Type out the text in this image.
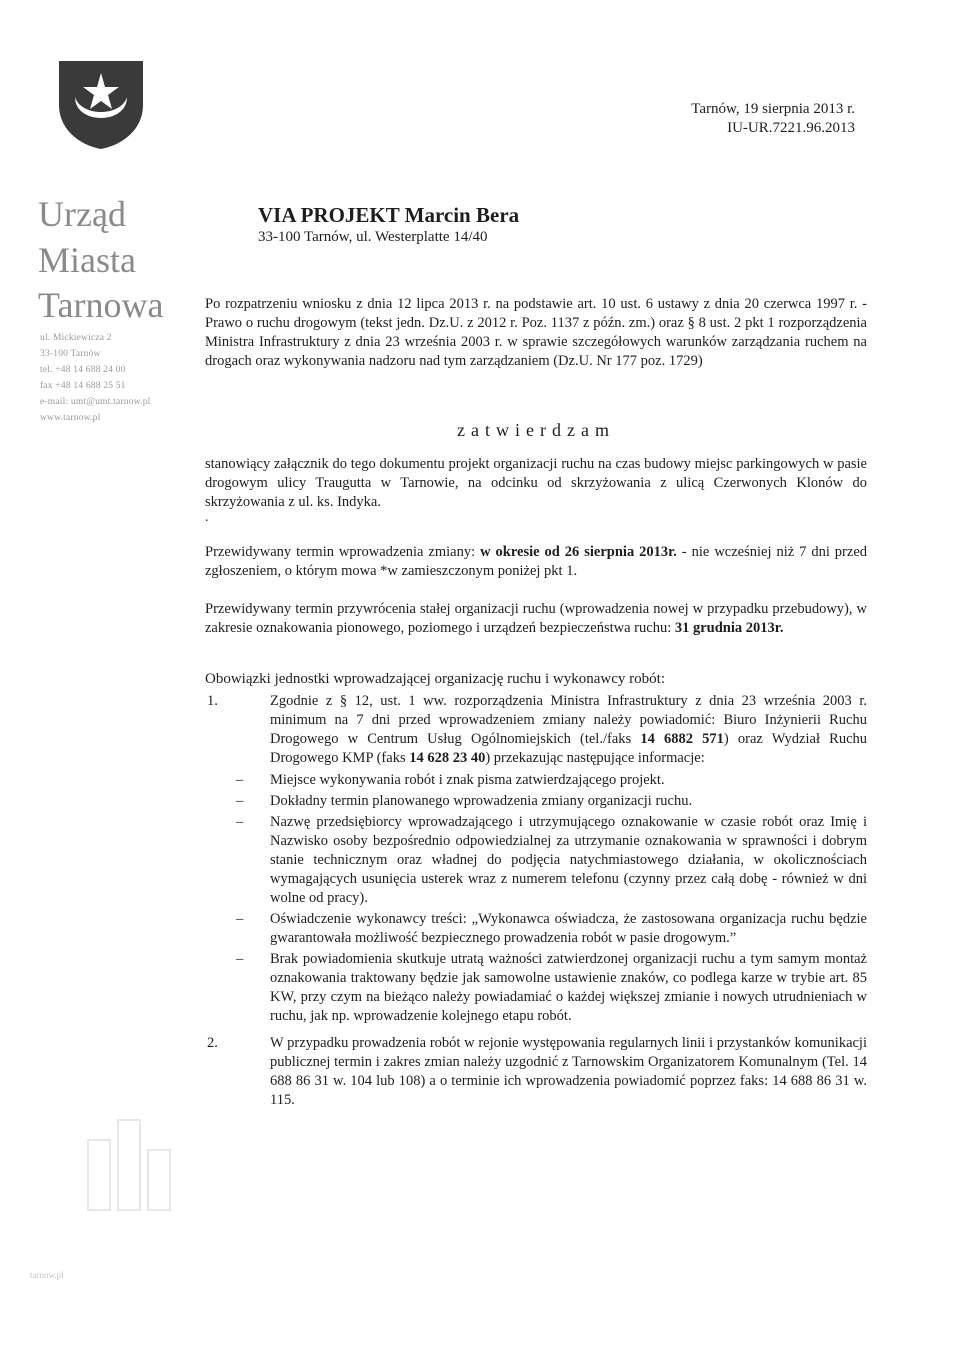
Urząd
Miasta
Tarnowa
ul. Mickiewicza 2
33-100 Tarnów
tel. +48 14 688 24 00
fax +48 14 688 25 51
e-mail: umt@umt.tarnow.pl
www.tarnow.pl
tarnow.pl
Tarnów, 19 sierpnia 2013 r.
IU-UR.7221.96.2013
VIA PROJEKT Marcin Bera
33-100 Tarnów, ul. Westerplatte 14/40
Po rozpatrzeniu wniosku z dnia 12 lipca 2013 r. na podstawie art. 10 ust. 6 ustawy z dnia 20 czerwca 1997 r. - Prawo o ruchu drogowym (tekst jedn. Dz.U. z 2012 r. Poz. 1137 z późn. zm.) oraz § 8 ust. 2 pkt 1 rozporządzenia Ministra Infrastruktury z dnia 23 września 2003 r. w sprawie szczegółowych warunków zarządzania ruchem na drogach oraz wykonywania nadzoru nad tym zarządzaniem (Dz.U. Nr 177 poz. 1729)
zatwierdzam
stanowiący załącznik do tego dokumentu projekt organizacji ruchu na czas budowy miejsc parkingowych w pasie drogowym ulicy Traugutta w Tarnowie, na odcinku od skrzyżowania z ulicą Czerwonych Klonów do skrzyżowania z ul. ks. Indyka.
.
Przewidywany termin wprowadzenia zmiany: w okresie od 26 sierpnia 2013r. - nie wcześniej niż 7 dni przed zgłoszeniem, o którym mowa *w zamieszczonym poniżej pkt 1.
Przewidywany termin przywrócenia stałej organizacji ruchu (wprowadzenia nowej w przypadku przebudowy), w zakresie oznakowania pionowego, poziomego i urządzeń bezpieczeństwa ruchu: 31 grudnia 2013r.
Obowiązki jednostki wprowadzającej organizację ruchu i wykonawcy robót:
1.	Zgodnie z § 12, ust. 1 ww. rozporządzenia Ministra Infrastruktury z dnia 23 września 2003 r. minimum na 7 dni przed wprowadzeniem zmiany należy powiadomić: Biuro Inżynierii Ruchu Drogowego w Centrum Usług Ogólnomiejskich (tel./faks 14 6882 571) oraz Wydział Ruchu Drogowego KMP (faks 14 628 23 40) przekazując następujące informacje:
– Miejsce wykonywania robót i znak pisma zatwierdzającego projekt.
– Dokładny termin planowanego wprowadzenia zmiany organizacji ruchu.
– Nazwę przedsiębiorcy wprowadzającego i utrzymującego oznakowanie w czasie robót oraz Imię i Nazwisko osoby bezpośrednio odpowiedzialnej za utrzymanie oznakowania w sprawności i dobrym stanie technicznym oraz władnej do podjęcia natychmiastowego działania, w okolicznościach wymagających usunięcia usterek wraz z numerem telefonu (czynny przez całą dobę - również w dni wolne od pracy).
– Oświadczenie wykonawcy treści: „Wykonawca oświadcza, że zastosowana organizacja ruchu będzie gwarantowała możliwość bezpiecznego prowadzenia robót w pasie drogowym.”
– Brak powiadomienia skutkuje utratą ważności zatwierdzonej organizacji ruchu a tym samym montaż oznakowania traktowany będzie jak samowolne ustawienie znaków, co podlega karze w trybie art. 85 KW, przy czym na bieżąco należy powiadamiać o każdej większej zmianie i nowych utrudnieniach w ruchu, jak np. wprowadzenie kolejnego etapu robót.
2.	W przypadku prowadzenia robót w rejonie występowania regularnych linii i przystanków komunikacji publicznej termin i zakres zmian należy uzgodnić z Tarnowskim Organizatorem Komunalnym (Tel. 14 688 86 31 w. 104 lub 108) a o terminie ich wprowadzenia powiadomić poprzez faks: 14 688 86 31 w. 115.
